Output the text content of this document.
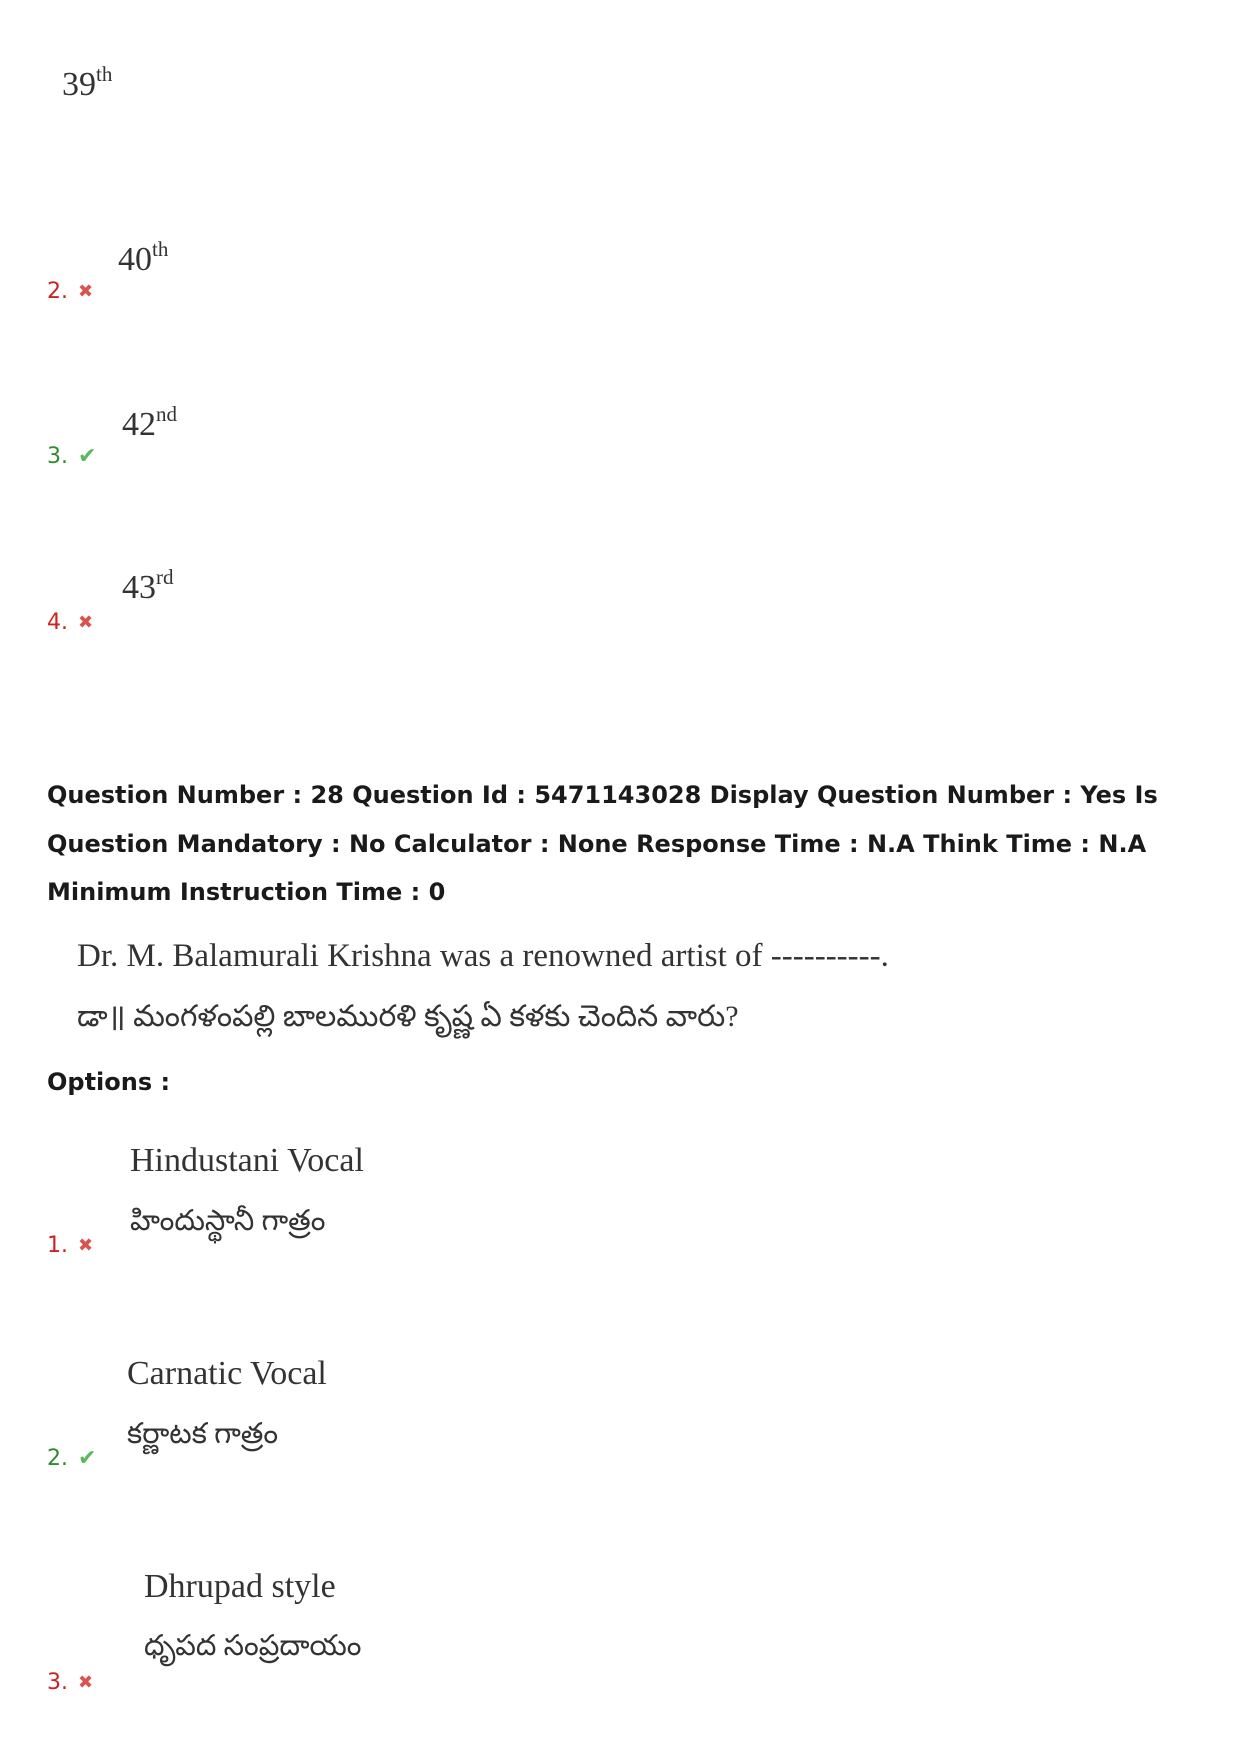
39th
2. ✖
40th
3. ✔
42nd
4. ✖
43rd
Question Number : 28 Question Id : 5471143028 Display Question Number : Yes Is Question Mandatory : No Calculator : None Response Time : N.A Think Time : N.A Minimum Instruction Time : 0
Dr. M. Balamurali Krishna was a renowned artist of ----------.
డా॥ మంగళంపల్లి బాలమురళి కృష్ణ ఏ కళకు చెందిన వారు?
Options :
Hindustani Vocal
హిందుస్థానీ గాత్రం
1. ✖
Carnatic Vocal
కర్ణాటక గాత్రం
2. ✔
Dhrupad style
ధృపద సంప్రదాయం
3. ✖
